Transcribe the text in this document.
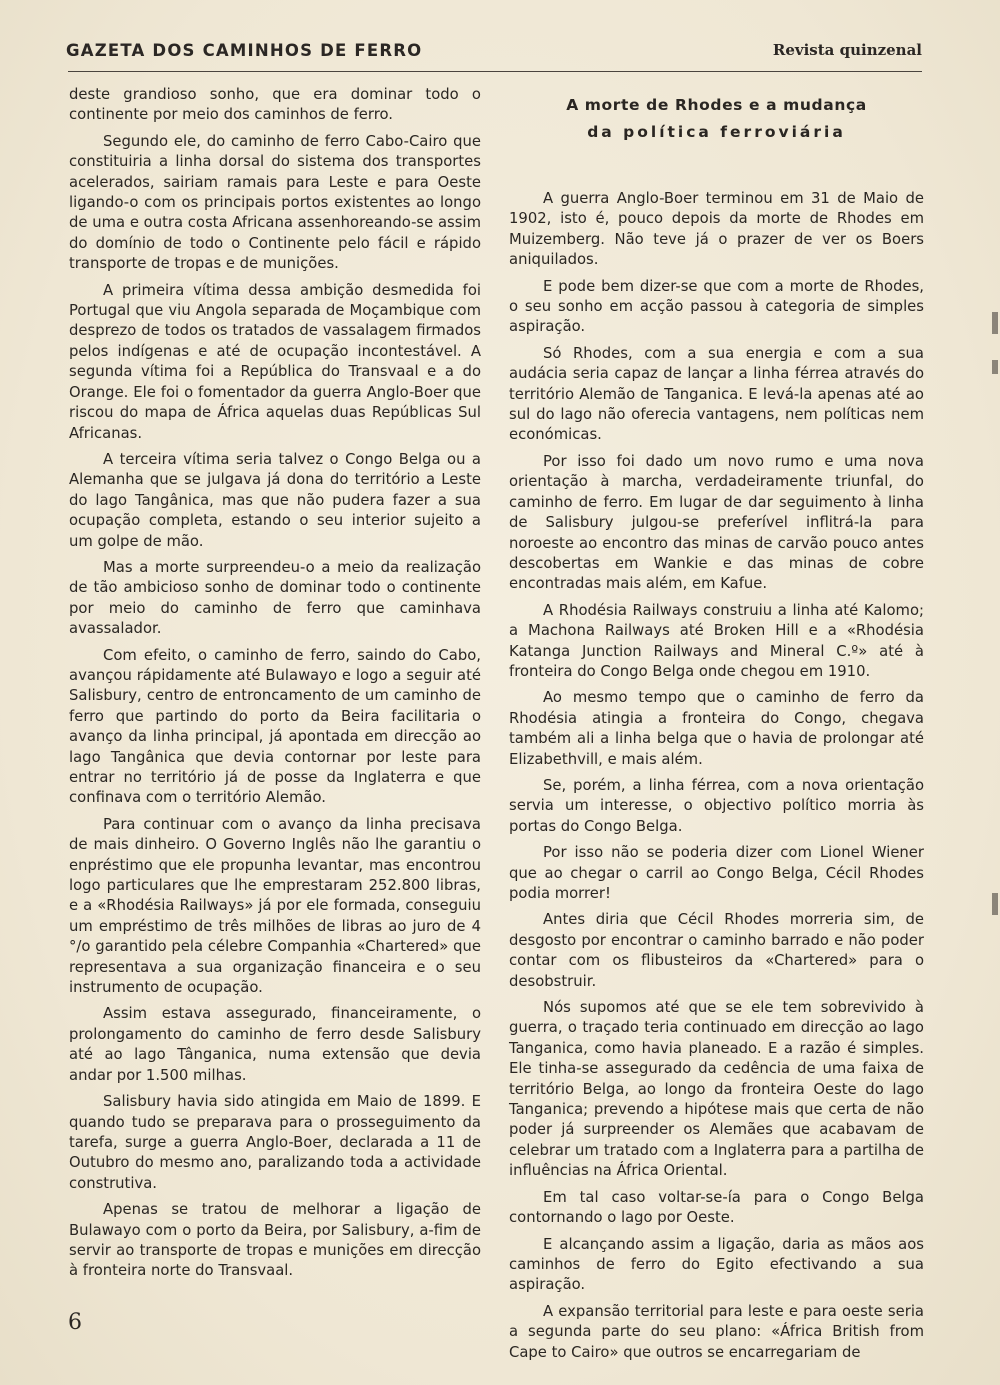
GAZETA DOS CAMINHOS DE FERRO	Revista quinzenal

deste grandioso sonho, que era dominar todo o continente por meio dos caminhos de ferro.

Segundo ele, do caminho de ferro Cabo-Cairo que constituiria a linha dorsal do sistema dos transportes acelerados, sairiam ramais para Leste e para Oeste ligando-o com os principais portos existentes ao longo de uma e outra costa Africana assenhoreando-se assim do domínio de todo o Continente pelo fácil e rápido transporte de tropas e de munições.

A primeira vítima dessa ambição desmedida foi Portugal que viu Angola separada de Moçambique com desprezo de todos os tratados de vassalagem firmados pelos indígenas e até de ocupação incontestável. A segunda vítima foi a República do Transvaal e a do Orange. Ele foi o fomentador da guerra Anglo-Boer que riscou do mapa de África aquelas duas Repúblicas Sul Africanas.

A terceira vítima seria talvez o Congo Belga ou a Alemanha que se julgava já dona do território a Leste do lago Tangânica, mas que não pudera fazer a sua ocupação completa, estando o seu interior sujeito a um golpe de mão.

Mas a morte surpreendeu-o a meio da realização de tão ambicioso sonho de dominar todo o continente por meio do caminho de ferro que caminhava avassalador.

Com efeito, o caminho de ferro, saindo do Cabo, avançou rápidamente até Bulawayo e logo a seguir até Salisbury, centro de entroncamento de um caminho de ferro que partindo do porto da Beira facilitaria o avanço da linha principal, já apontada em direcção ao lago Tangânica que devia contornar por leste para entrar no território já de posse da Inglaterra e que confinava com o território Alemão.

Para continuar com o avanço da linha precisava de mais dinheiro. O Governo Inglês não lhe garantiu o enpréstimo que ele propunha levantar, mas encontrou logo particulares que lhe emprestaram 252.800 libras, e a «Rhodésia Railways» já por ele formada, conseguiu um empréstimo de três milhões de libras ao juro de 4 °/o garantido pela célebre Companhia «Chartered» que representava a sua organização financeira e o seu instrumento de ocupação.

Assim estava assegurado, financeiramente, o prolongamento do caminho de ferro desde Salisbury até ao lago Tânganica, numa extensão que devia andar por 1.500 milhas.

Salisbury havia sido atingida em Maio de 1899. E quando tudo se preparava para o prosseguimento da tarefa, surge a guerra Anglo-Boer, declarada a 11 de Outubro do mesmo ano, paralizando toda a actividade construtiva.

Apenas se tratou de melhorar a ligação de Bulawayo com o porto da Beira, por Salisbury, a-fim de servir ao transporte de tropas e munições em direcção à fronteira norte do Transvaal.

A morte de Rhodes e a mudança
da política ferroviária

A guerra Anglo-Boer terminou em 31 de Maio de 1902, isto é, pouco depois da morte de Rhodes em Muizemberg. Não teve já o prazer de ver os Boers aniquilados.

E pode bem dizer-se que com a morte de Rhodes, o seu sonho em acção passou à categoria de simples aspiração.

Só Rhodes, com a sua energia e com a sua audácia seria capaz de lançar a linha férrea através do território Alemão de Tanganica. E levá-la apenas até ao sul do lago não oferecia vantagens, nem políticas nem económicas.

Por isso foi dado um novo rumo e uma nova orientação à marcha, verdadeiramente triunfal, do caminho de ferro. Em lugar de dar seguimento à linha de Salisbury julgou-se preferível inflitrá-la para noroeste ao encontro das minas de carvão pouco antes descobertas em Wankie e das minas de cobre encontradas mais além, em Kafue.

A Rhodésia Railways construiu a linha até Kalomo; a Machona Railways até Broken Hill e a «Rhodésia Katanga Junction Railways and Mineral C.º» até à fronteira do Congo Belga onde chegou em 1910.

Ao mesmo tempo que o caminho de ferro da Rhodésia atingia a fronteira do Congo, chegava também ali a linha belga que o havia de prolongar até Elizabethvill, e mais além.

Se, porém, a linha férrea, com a nova orientação servia um interesse, o objectivo político morria às portas do Congo Belga.

Por isso não se poderia dizer com Lionel Wiener que ao chegar o carril ao Congo Belga, Cécil Rhodes podia morrer!

Antes diria que Cécil Rhodes morreria sim, de desgosto por encontrar o caminho barrado e não poder contar com os flibusteiros da «Chartered» para o desobstruir.

Nós supomos até que se ele tem sobrevivido à guerra, o traçado teria continuado em direcção ao lago Tanganica, como havia planeado. E a razão é simples. Ele tinha-se assegurado da cedência de uma faixa de território Belga, ao longo da fronteira Oeste do lago Tanganica; prevendo a hipótese mais que certa de não poder já surpreender os Alemães que acabavam de celebrar um tratado com a Inglaterra para a partilha de influências na África Oriental.

Em tal caso voltar-se-ía para o Congo Belga contornando o lago por Oeste.

E alcançando assim a ligação, daria as mãos aos caminhos de ferro do Egito efectivando a sua aspiração.

A expansão territorial para leste e para oeste seria a segunda parte do seu plano: «África British from Cape to Cairo» que outros se encarregariam de

6
